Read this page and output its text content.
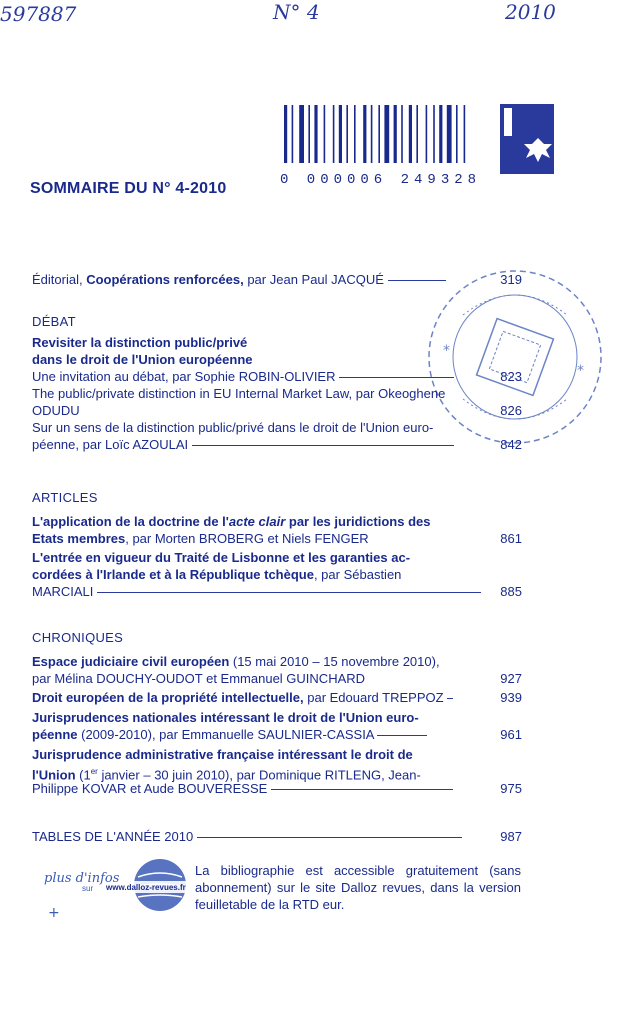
597887	N° 4	2010
0 000006 249328
SOMMAIRE DU N° 4-2010
*
*
Éditorial, Coopérations renforcées, par Jean Paul JACQUÉ	319
DÉBAT
Revisiter la distinction public/privé
dans le droit de l'Union européenne
Une invitation au débat, par Sophie ROBIN-OLIVIER	823
The public/private distinction in EU Internal Market Law, par Okeoghene
ODUDU	826
Sur un sens de la distinction public/privé dans le droit de l'Union euro-
péenne, par Loïc AZOULAI	842
ARTICLES
L'application de la doctrine de l'acte clair par les juridictions des
Etats membres, par Morten BROBERG et Niels FENGER	861
L'entrée en vigueur du Traité de Lisbonne et les garanties ac-
cordées à l'Irlande et à la République tchèque, par Sébastien
MARCIALI	885
CHRONIQUES
Espace judiciaire civil européen (15 mai 2010 – 15 novembre 2010),
par Mélina DOUCHY-OUDOT et Emmanuel GUINCHARD	927
Droit européen de la propriété intellectuelle, par Edouard TREPPOZ	939
Jurisprudences nationales intéressant le droit de l'Union euro-
péenne (2009-2010), par Emmanuelle SAULNIER-CASSIA	961
Jurisprudence administrative française intéressant le droit de
l'Union (1er janvier – 30 juin 2010), par Dominique RITLENG, Jean-
Philippe KOVAR et Aude BOUVERESSE	975
TABLES DE L'ANNÉE 2010	987
+
plus d'infos
sur www.dalloz-revues.fr
La bibliographie est accessible gratuitement (sans abonnement) sur le site Dalloz revues, dans la version feuilletable de la RTD eur.
